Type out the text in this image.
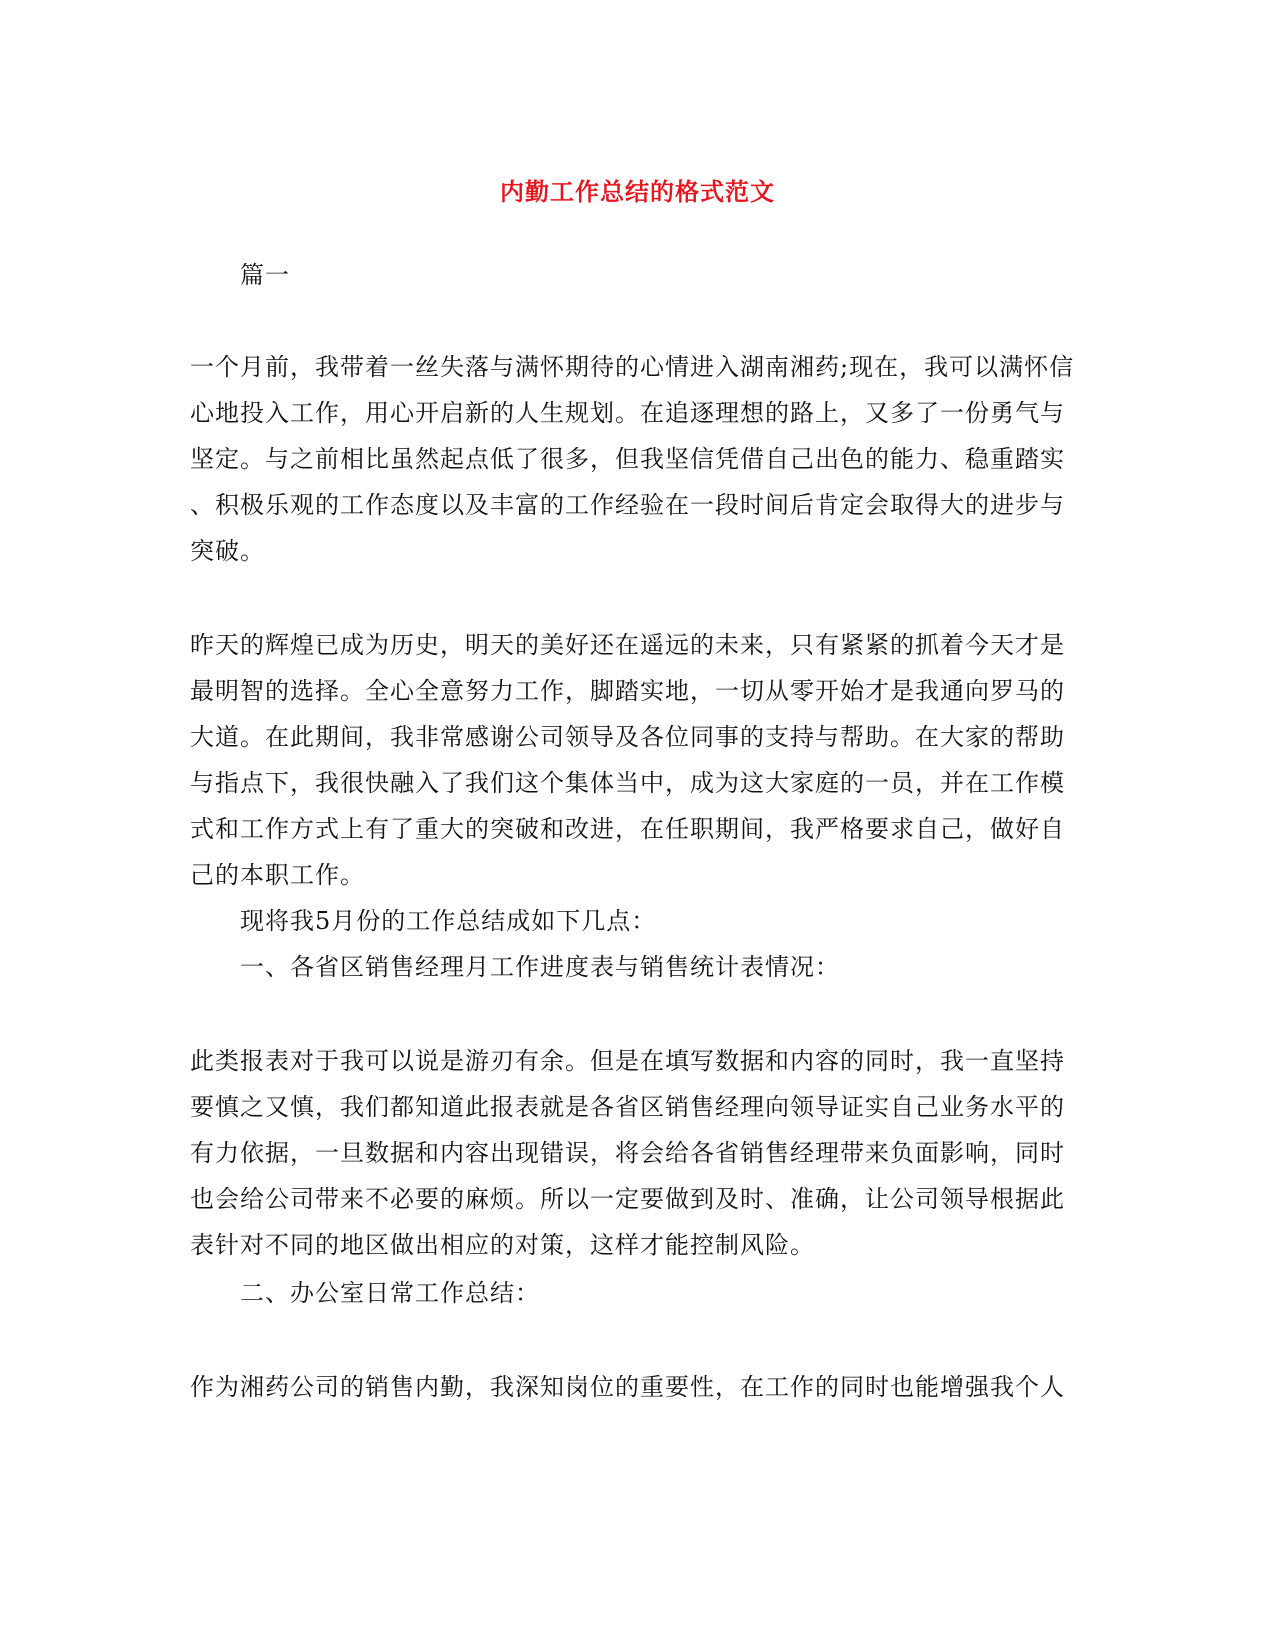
内勤工作总结的格式范文
篇一
一个月前，我带着一丝失落与满怀期待的心情进入湖南湘药;现在，我可以满怀信
心地投入工作，用心开启新的人生规划。在追逐理想的路上，又多了一份勇气与
坚定。与之前相比虽然起点低了很多，但我坚信凭借自己出色的能力、稳重踏实
、积极乐观的工作态度以及丰富的工作经验在一段时间后肯定会取得大的进步与
突破。
昨天的辉煌已成为历史，明天的美好还在遥远的未来，只有紧紧的抓着今天才是
最明智的选择。全心全意努力工作，脚踏实地，一切从零开始才是我通向罗马的
大道。在此期间，我非常感谢公司领导及各位同事的支持与帮助。在大家的帮助
与指点下，我很快融入了我们这个集体当中，成为这大家庭的一员，并在工作模
式和工作方式上有了重大的突破和改进，在任职期间，我严格要求自己，做好自
己的本职工作。
现将我5月份的工作总结成如下几点：
一、各省区销售经理月工作进度表与销售统计表情况：
此类报表对于我可以说是游刃有余。但是在填写数据和内容的同时，我一直坚持
要慎之又慎，我们都知道此报表就是各省区销售经理向领导证实自己业务水平的
有力依据，一旦数据和内容出现错误，将会给各省销售经理带来负面影响，同时
也会给公司带来不必要的麻烦。所以一定要做到及时、准确，让公司领导根据此
表针对不同的地区做出相应的对策，这样才能控制风险。
二、办公室日常工作总结：
作为湘药公司的销售内勤，我深知岗位的重要性，在工作的同时也能增强我个人
